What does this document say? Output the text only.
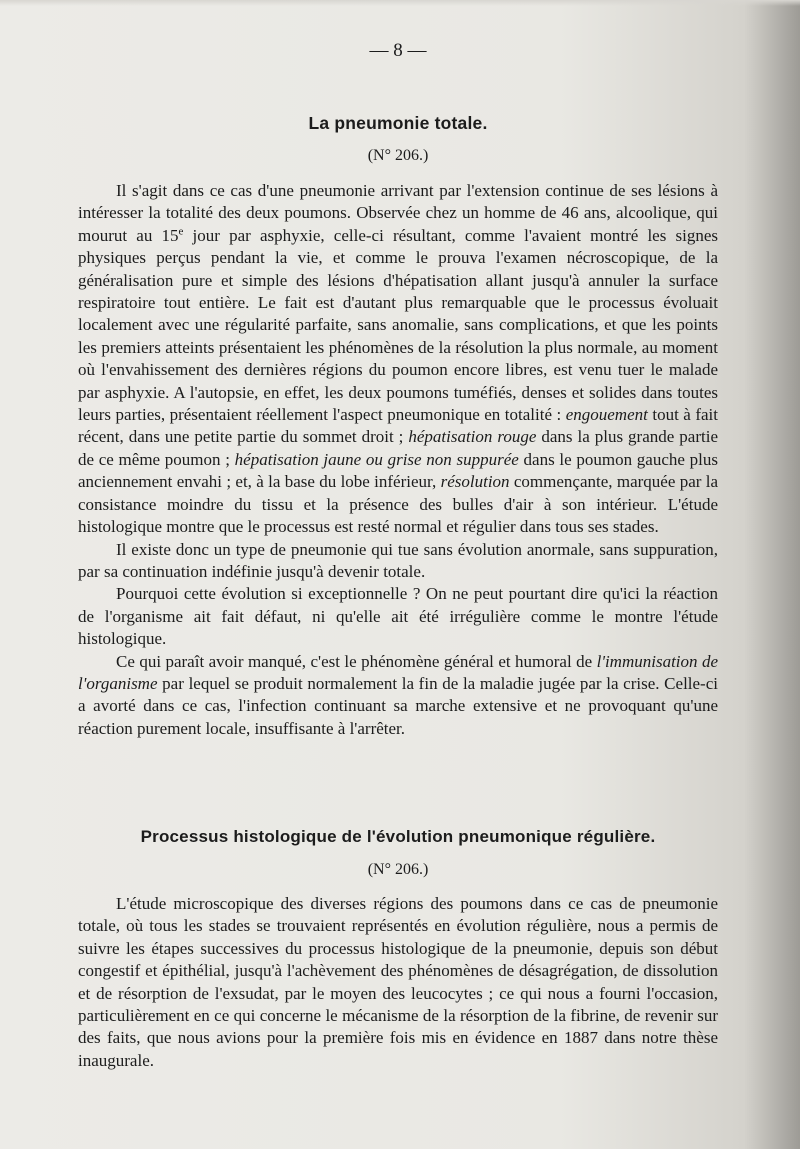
— 8 —
La pneumonie totale.
(N° 206.)

Il s'agit dans ce cas d'une pneumonie arrivant par l'extension continue de ses lésions à intéresser la totalité des deux poumons. Observée chez un homme de 46 ans, alcoolique, qui mourut au 15e jour par asphyxie, celle-ci résultant, comme l'avaient montré les signes physiques perçus pendant la vie, et comme le prouva l'examen nécroscopique, de la généralisation pure et simple des lésions d'hépatisation allant jusqu'à annuler la surface respiratoire tout entière. Le fait est d'autant plus remarquable que le processus évoluait localement avec une régularité parfaite, sans anomalie, sans complications, et que les points les premiers atteints présentaient les phénomènes de la résolution la plus normale, au moment où l'envahissement des dernières régions du poumon encore libres, est venu tuer le malade par asphyxie. A l'autopsie, en effet, les deux poumons tuméfiés, denses et solides dans toutes leurs parties, présentaient réellement l'aspect pneumonique en totalité : engouement tout à fait récent, dans une petite partie du sommet droit ; hépatisation rouge dans la plus grande partie de ce même poumon ; hépatisation jaune ou grise non suppurée dans le poumon gauche plus anciennement envahi ; et, à la base du lobe inférieur, résolution commençante, marquée par la consistance moindre du tissu et la présence des bulles d'air à son intérieur. L'étude histologique montre que le processus est resté normal et régulier dans tous ses stades.

Il existe donc un type de pneumonie qui tue sans évolution anormale, sans suppuration, par sa continuation indéfinie jusqu'à devenir totale.

Pourquoi cette évolution si exceptionnelle ? On ne peut pourtant dire qu'ici la réaction de l'organisme ait fait défaut, ni qu'elle ait été irrégulière comme le montre l'étude histologique.

Ce qui paraît avoir manqué, c'est le phénomène général et humoral de l'immunisation de l'organisme par lequel se produit normalement la fin de la maladie jugée par la crise. Celle-ci a avorté dans ce cas, l'infection continuant sa marche extensive et ne provoquant qu'une réaction purement locale, insuffisante à l'arrêter.

Processus histologique de l'évolution pneumonique régulière.
(N° 206.)

L'étude microscopique des diverses régions des poumons dans ce cas de pneumonie totale, où tous les stades se trouvaient représentés en évolution régulière, nous a permis de suivre les étapes successives du processus histologique de la pneumonie, depuis son début congestif et épithélial, jusqu'à l'achèvement des phénomènes de désagrégation, de dissolution et de résorption de l'exsudat, par le moyen des leucocytes ; ce qui nous a fourni l'occasion, particulièrement en ce qui concerne le mécanisme de la résorption de la fibrine, de revenir sur des faits, que nous avions pour la première fois mis en évidence en 1887 dans notre thèse inaugurale.
